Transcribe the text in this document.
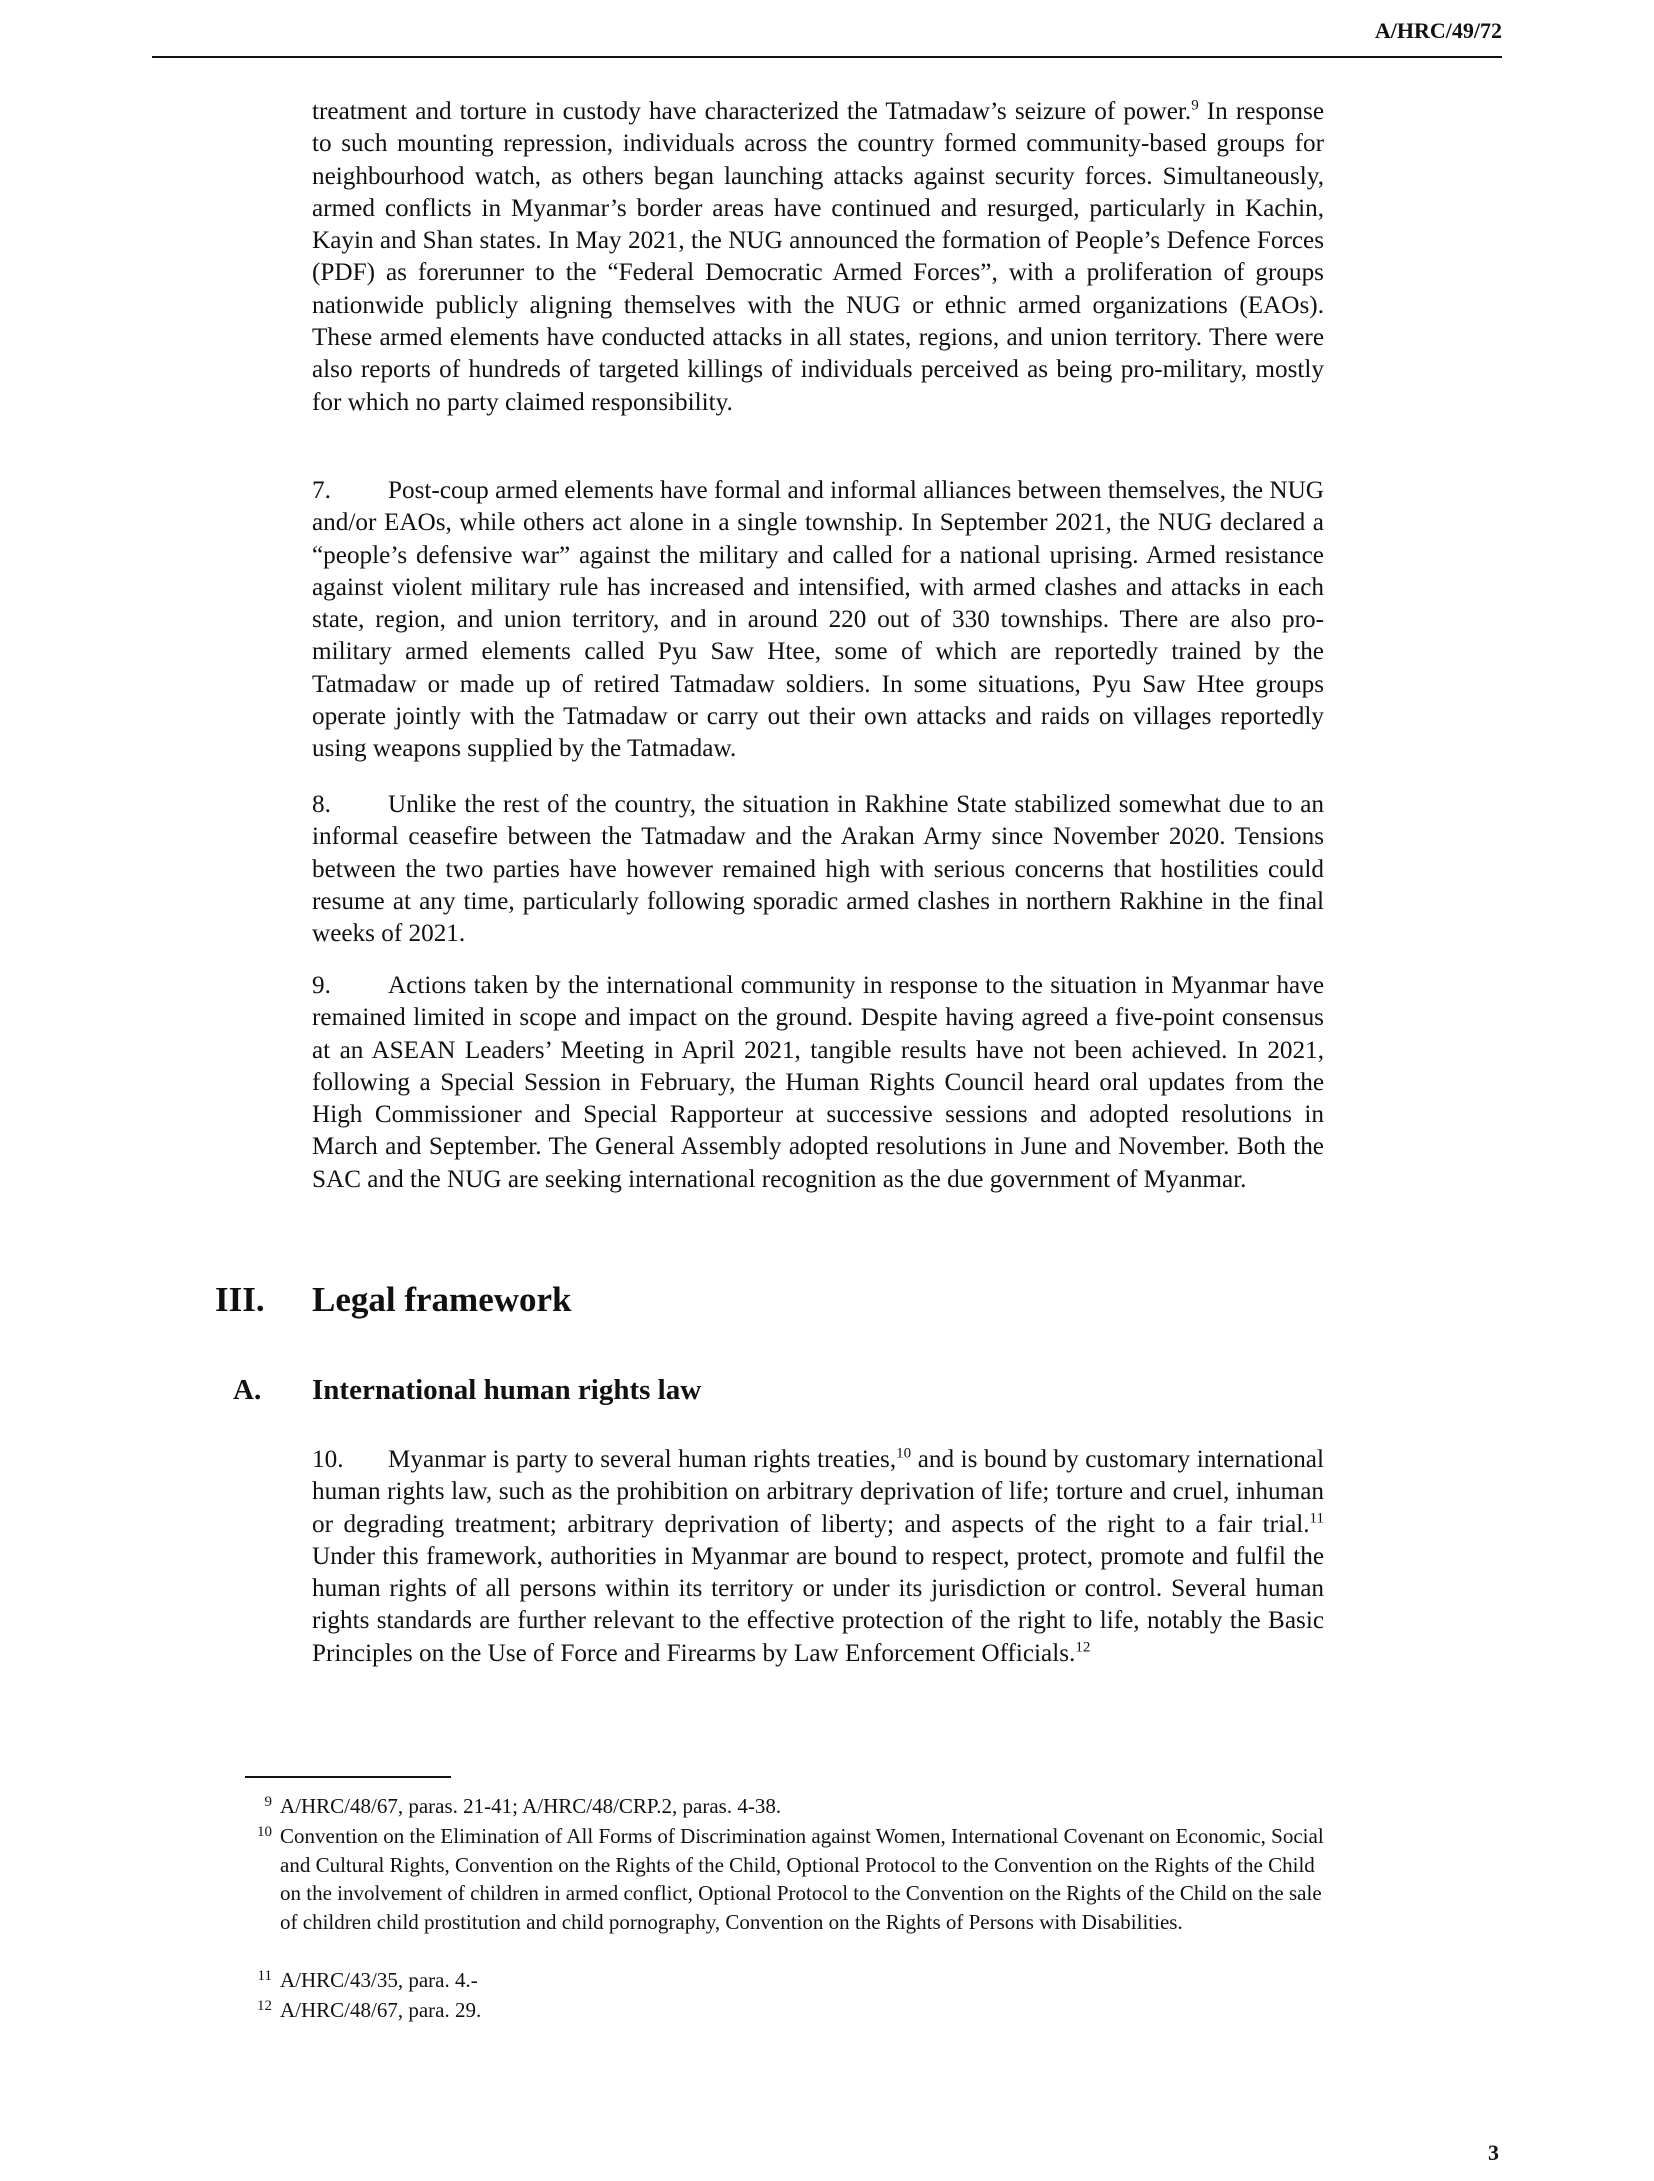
A/HRC/49/72

treatment and torture in custody have characterized the Tatmadaw’s seizure of power.$^9$ In response to such mounting repression, individuals across the country formed community-based groups for neighbourhood watch, as others began launching attacks against security forces. Simultaneously, armed conflicts in Myanmar’s border areas have continued and resurged, particularly in Kachin, Kayin and Shan states. In May 2021, the NUG announced the formation of People’s Defence Forces (PDF) as forerunner to the “Federal Democratic Armed Forces”, with a proliferation of groups nationwide publicly aligning themselves with the NUG or ethnic armed organizations (EAOs). These armed elements have conducted attacks in all states, regions, and union territory. There were also reports of hundreds of targeted killings of individuals perceived as being pro-military, mostly for which no party claimed responsibility.

7. Post-coup armed elements have formal and informal alliances between themselves, the NUG and/or EAOs, while others act alone in a single township. In September 2021, the NUG declared a “people’s defensive war” against the military and called for a national uprising. Armed resistance against violent military rule has increased and intensified, with armed clashes and attacks in each state, region, and union territory, and in around 220 out of 330 townships. There are also pro-military armed elements called Pyu Saw Htee, some of which are reportedly trained by the Tatmadaw or made up of retired Tatmadaw soldiers. In some situations, Pyu Saw Htee groups operate jointly with the Tatmadaw or carry out their own attacks and raids on villages reportedly using weapons supplied by the Tatmadaw.

8. Unlike the rest of the country, the situation in Rakhine State stabilized somewhat due to an informal ceasefire between the Tatmadaw and the Arakan Army since November 2020. Tensions between the two parties have however remained high with serious concerns that hostilities could resume at any time, particularly following sporadic armed clashes in northern Rakhine in the final weeks of 2021.

9. Actions taken by the international community in response to the situation in Myanmar have remained limited in scope and impact on the ground. Despite having agreed a five-point consensus at an ASEAN Leaders’ Meeting in April 2021, tangible results have not been achieved. In 2021, following a Special Session in February, the Human Rights Council heard oral updates from the High Commissioner and Special Rapporteur at successive sessions and adopted resolutions in March and September. The General Assembly adopted resolutions in June and November. Both the SAC and the NUG are seeking international recognition as the due government of Myanmar.

III. Legal framework
A. International human rights law

10. Myanmar is party to several human rights treaties,$^{10}$ and is bound by customary international human rights law, such as the prohibition on arbitrary deprivation of life; torture and cruel, inhuman or degrading treatment; arbitrary deprivation of liberty; and aspects of the right to a fair trial.$^{11}$ Under this framework, authorities in Myanmar are bound to respect, protect, promote and fulfil the human rights of all persons within its territory or under its jurisdiction or control. Several human rights standards are further relevant to the effective protection of the right to life, notably the Basic Principles on the Use of Force and Firearms by Law Enforcement Officials.$^{12}$

9 A/HRC/48/67, paras. 21-41; A/HRC/48/CRP.2, paras. 4-38.

10 Convention on the Elimination of All Forms of Discrimination against Women, International Covenant on Economic, Social and Cultural Rights, Convention on the Rights of the Child, Optional Protocol to the Convention on the Rights of the Child on the involvement of children in armed conflict, Optional Protocol to the Convention on the Rights of the Child on the sale of children child prostitution and child pornography, Convention on the Rights of Persons with Disabilities.

11 A/HRC/43/35, para. 4.-

12 A/HRC/48/67, para. 29.

3
